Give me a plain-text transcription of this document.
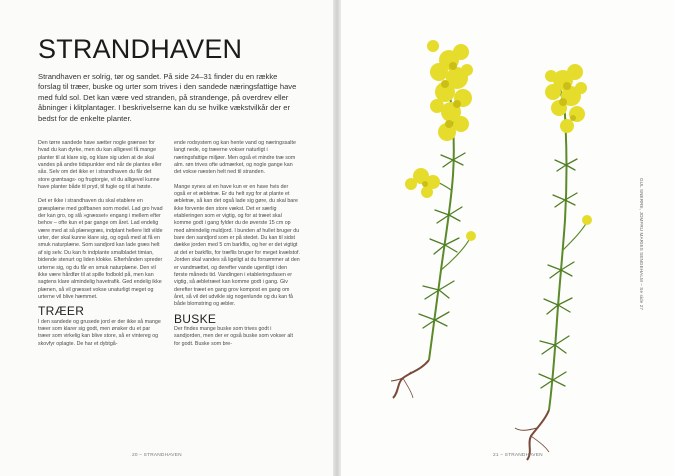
STRANDHAVEN

Strandhaven er solrig, tør og sandet. På side 24–31 finder du en række forslag til træer, buske og urter som trives i den sandede næringsfattige have med fuld sol. Det kan være ved stranden, på strandenge, på overdrev eller åbninger i klitplantager. I beskrivelserne kan du se hvilke vækstvilkår der er bedst for de enkelte planter.

Den tørre sandede have sætter nogle grænser for hvad du kan dyrke, men du kan alligevel få mange planter til at klare sig, og klare sig uden at de skal vandes på andre tidspunkter end når de plantes eller sås. Selv om det ikke er i strandhaven du får det store grøntsags- og frugtorgie, vil du alligevel kunne have planter både til pryd, til fugle og til at høste.

Det er ikke i strandhaven du skal etablere en græsplæne med golfbanen som model. Lad gro hvad der kan gro, og slå »græsset« engang i mellem efter behov – ofte kun et par gange om året. Lad endelig være med at så plænegræs, indplant hellere lidt vilde urter, der skal kunne klare sig, og også med at få en smuk naturplæne. Som sandjord kan lade græs helt af sig selv. Du kan fx indplante smalbladet timian, bidende stenurt og liden klokke. Efterhånden spreder urterne sig, og du får en smuk naturplæne. Den vil ikke være hårdfør til at spille fodbold på, men kan sagtens klare almindelig havetrafik. Ged endelig ikke plænen, så vil græsset vokse unaturligt meget og urterne vil blive hæmmet.

TRÆER

I den sandede og grusede jord er der ikke så mange træer som klarer sig godt, men ønsker du et par træer som virkelig kan blive store, så er vintereg og skovfyr oplagte. De har et dybtgå-

ende rodsystem og kan hente vand og næringssalte langt nede, og træerne vokser naturligt i næringsfattige miljøer. Men også et mindre træ som alm. røn trives ofte udmærket, og nogle gange kan det vokse næsten helt ned til stranden.

Mange synes at en have kun er en have hvis der også er et æbletræ. Er du helt syg for at plante et æbletræ, så kan det også lade sig gøre, du skal bare ikke forvente den store vækst. Det er særlig etableringen som er vigtig, og for at træet skal komme godt i gang fylder du de øverste 15 cm op med almindelig muldjord. I bunden af hullet bruger du bare den sandjord som er på stedet. Du kan til sidst dække jorden med 5 cm barkflis, og her er det vigtigt at det er barkflis, for træflis bruger for meget kvælstof. Jorden skal vandes så ligeligt at du forsømmer at den er vandmættet, og derefter vande ugentligt i den første måneds tid. Vandingen i etableringsfasen er vigtig, så æbletræet kan komme godt i gang. Giv derefter træet en gang grov kompost en gang om året, så vil det udvikle sig nogenlunde og du kan få både blomstring og æbler.

BUSKE

Der findes mange buske som trives godt i sandjorden, men der er også buske som vokser alt for godt. Buske som bre-

20 – STRANDHAVEN
GUL SNERRE, JOMFRU MARIES SENGEHALM – Se side 27
21 – STRANDHAVEN
